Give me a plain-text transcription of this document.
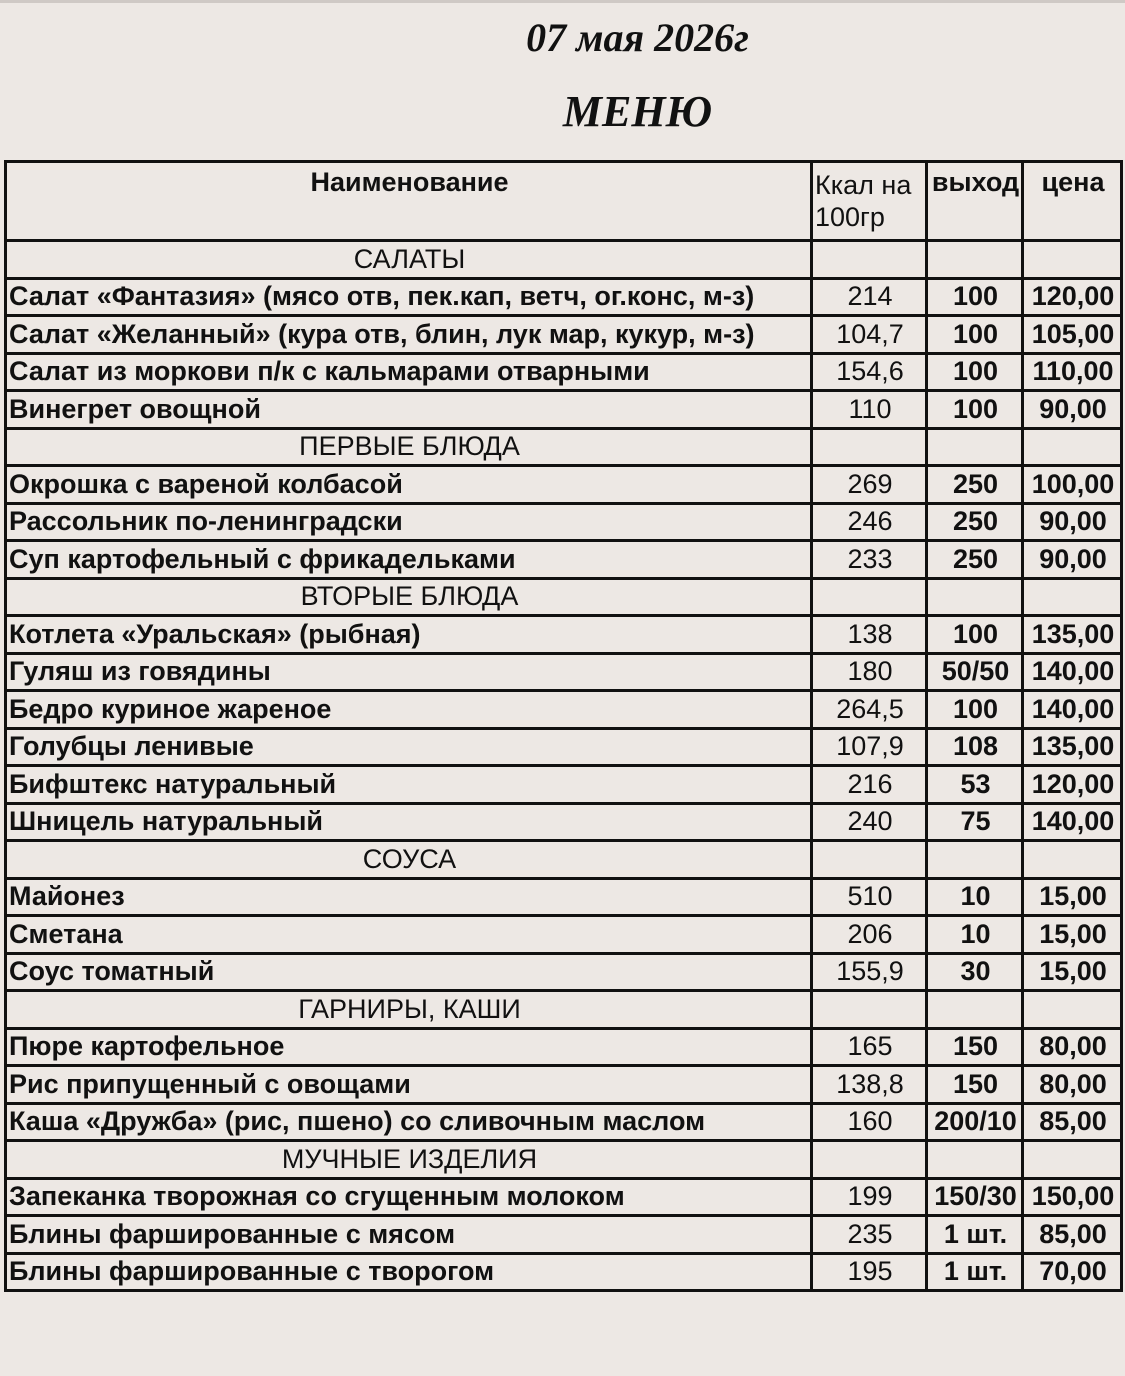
07 мая 2026г
МЕНЮ
Наименование	Ккал на 100гр	выход	цена
САЛАТЫ			
Салат «Фантазия» (мясо отв, пек.кап, ветч, ог.конс, м-з)	214	100	120,00
Салат «Желанный» (кура отв, блин, лук мар, кукур, м-з)	104,7	100	105,00
Салат из моркови п/к с кальмарами отварными	154,6	100	110,00
Винегрет овощной	110	100	90,00
ПЕРВЫЕ БЛЮДА			
Окрошка с вареной колбасой	269	250	100,00
Рассольник по-ленинградски	246	250	90,00
Суп картофельный с фрикадельками	233	250	90,00
ВТОРЫЕ БЛЮДА			
Котлета «Уральская» (рыбная)	138	100	135,00
Гуляш из говядины	180	50/50	140,00
Бедро куриное жареное	264,5	100	140,00
Голубцы ленивые	107,9	108	135,00
Бифштекс натуральный	216	53	120,00
Шницель натуральный	240	75	140,00
СОУСА			
Майонез	510	10	15,00
Сметана	206	10	15,00
Соус томатный	155,9	30	15,00
ГАРНИРЫ, КАШИ			
Пюре картофельное	165	150	80,00
Рис припущенный с овощами	138,8	150	80,00
Каша «Дружба» (рис, пшено) со сливочным маслом	160	200/10	85,00
МУЧНЫЕ ИЗДЕЛИЯ			
Запеканка творожная со сгущенным молоком	199	150/30	150,00
Блины фаршированные с мясом	235	1 шт.	85,00
Блины фаршированные с творогом	195	1 шт.	70,00
